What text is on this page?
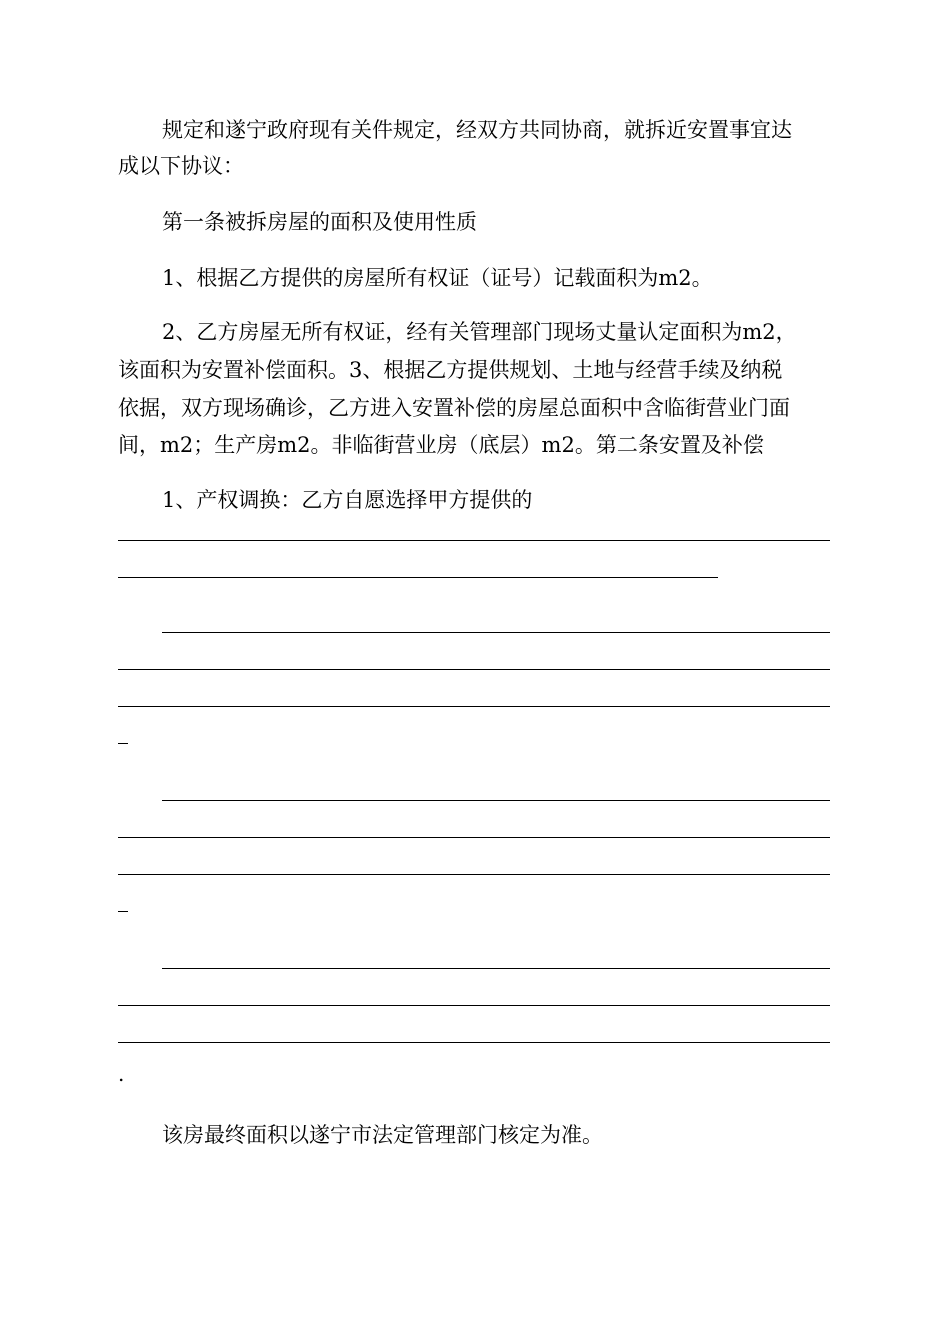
规定和遂宁政府现有关件规定，经双方共同协商，就拆近安置事宜达
成以下协议：
第一条被拆房屋的面积及使用性质
1、根据乙方提供的房屋所有权证（证号）记载面积为m2。
2、乙方房屋无所有权证，经有关管理部门现场丈量认定面积为m2，
该面积为安置补偿面积。3、根据乙方提供规划、土地与经营手续及纳税
依据，双方现场确诊，乙方进入安置补偿的房屋总面积中含临街营业门面
间，m2；生产房m2。非临街营业房（底层）m2。第二条安置及补偿
1、产权调换：乙方自愿选择甲方提供的
.
该房最终面积以遂宁市法定管理部门核定为准。
